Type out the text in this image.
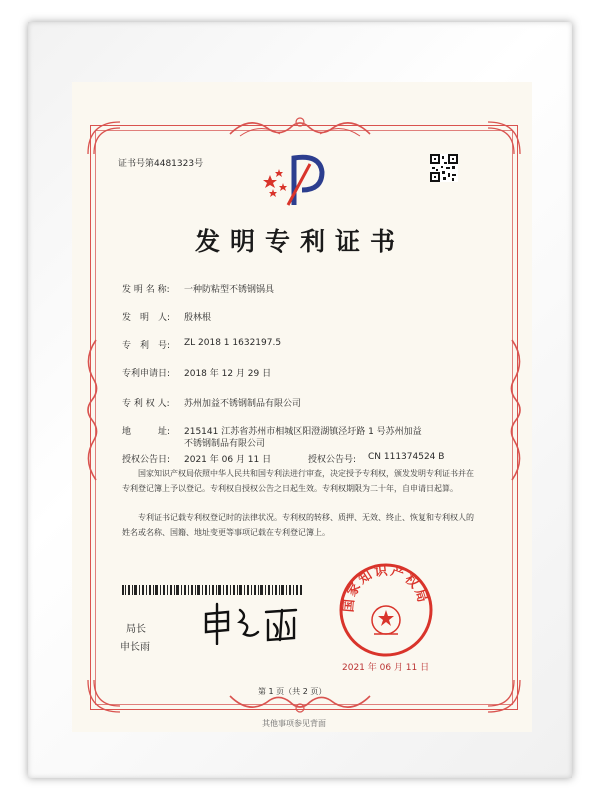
证书号第4481323号
发明专利证书
发 明 名 称: 一种防粘型不锈钢锅具
发　明　人: 殷林根
专　利　号: ZL 2018 1 1632197.5
专利申请日: 2018 年 12 月 29 日
专 利 权 人: 苏州加益不锈钢制品有限公司
地　　　址: 215141 江苏省苏州市相城区阳澄湖镇泾圩路 1 号苏州加益
不锈钢制品有限公司
授权公告日: 2021 年 06 月 11 日	授权公告号: CN 111374524 B
　　国家知识产权局依照中华人民共和国专利法进行审查，决定授予专利权，颁发发明专利证书并在专利登记簿上予以登记。专利权自授权公告之日起生效。专利权期限为二十年，自申请日起算。
　　专利证书记载专利权登记时的法律状况。专利权的转移、质押、无效、终止、恢复和专利权人的姓名或名称、国籍、地址变更等事项记载在专利登记簿上。
局长
申长雨
国家知识产权局
2021 年 06 月 11 日
第 1 页（共 2 页）
其他事项参见背面
